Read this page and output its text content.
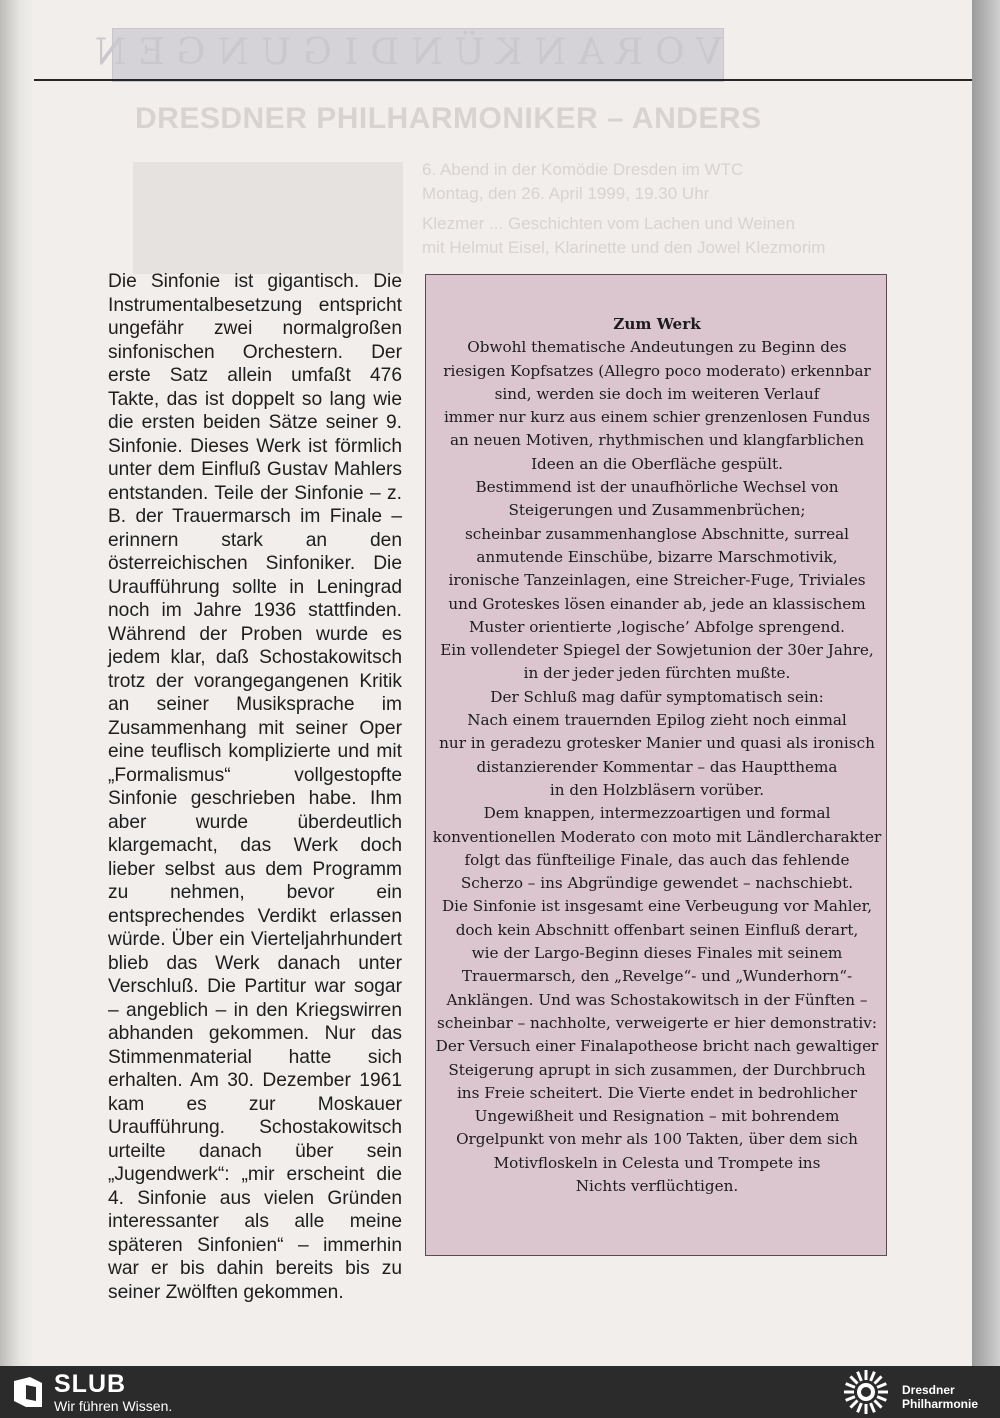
VORANKÜNDIGUNGEN
DRESDNER PHILHARMONIKER – ANDERS
6. Abend in der Komödie Dresden im WTC
Montag, den 26. April 1999, 19.30 Uhr
Klezmer ... Geschichten vom Lachen und Weinen
mit Helmut Eisel, Klarinette und den Jowel Klezmorim

Die Sinfonie ist gigantisch. Die Instrumentalbesetzung entspricht ungefähr zwei normalgroßen sinfonischen Orchestern. Der erste Satz allein umfaßt 476 Takte, das ist doppelt so lang wie die ersten beiden Sätze seiner 9. Sinfonie. Dieses Werk ist förmlich unter dem Einfluß Gustav Mahlers entstanden. Teile der Sinfonie – z. B. der Trauermarsch im Finale – erinnern stark an den österreichischen Sinfoniker. Die Uraufführung sollte in Leningrad noch im Jahre 1936 stattfinden. Während der Proben wurde es jedem klar, daß Schostakowitsch trotz der vorangegangenen Kritik an seiner Musiksprache im Zusammenhang mit seiner Oper eine teuflisch komplizierte und mit „Formalismus“ vollgestopfte Sinfonie geschrieben habe. Ihm aber wurde überdeutlich klargemacht, das Werk doch lieber selbst aus dem Programm zu nehmen, bevor ein entsprechendes Verdikt erlassen würde. Über ein Vierteljahrhundert blieb das Werk danach unter Verschluß. Die Partitur war sogar – angeblich – in den Kriegswirren abhanden gekommen. Nur das Stimmenmaterial hatte sich erhalten. Am 30. Dezember 1961 kam es zur Moskauer Uraufführung. Schostakowitsch urteilte danach über sein „Jugendwerk“: „mir erscheint die 4. Sinfonie aus vielen Gründen interessanter als alle meine späteren Sinfonien“ – immerhin war er bis dahin bereits bis zu seiner Zwölften gekommen.

Zum Werk

Obwohl thematische Andeutungen zu Beginn des

riesigen Kopfsatzes (Allegro poco moderato) erkennbar

sind, werden sie doch im weiteren Verlauf

immer nur kurz aus einem schier grenzenlosen Fundus

an neuen Motiven, rhythmischen und klangfarblichen

Ideen an die Oberfläche gespült.

Bestimmend ist der unaufhörliche Wechsel von

Steigerungen und Zusammenbrüchen;

scheinbar zusammenhanglose Abschnitte, surreal

anmutende Einschübe, bizarre Marschmotivik,

ironische Tanzeinlagen, eine Streicher-Fuge, Triviales

und Groteskes lösen einander ab, jede an klassischem

Muster orientierte ‚logische’ Abfolge sprengend.

Ein vollendeter Spiegel der Sowjetunion der 30er Jahre,

in der jeder jeden fürchten mußte.

Der Schluß mag dafür symptomatisch sein:

Nach einem trauernden Epilog zieht noch einmal

nur in geradezu grotesker Manier und quasi als ironisch

distanzierender Kommentar – das Hauptthema

in den Holzbläsern vorüber.

Dem knappen, intermezzoartigen und formal

konventionellen Moderato con moto mit Ländlercharakter

folgt das fünfteilige Finale, das auch das fehlende

Scherzo – ins Abgründige gewendet – nachschiebt.

Die Sinfonie ist insgesamt eine Verbeugung vor Mahler,

doch kein Abschnitt offenbart seinen Einfluß derart,

wie der Largo-Beginn dieses Finales mit seinem

Trauermarsch, den „Revelge“- und „Wunderhorn“-

Anklängen. Und was Schostakowitsch in der Fünften –

scheinbar – nachholte, verweigerte er hier demonstrativ:

Der Versuch einer Finalapotheose bricht nach gewaltiger

Steigerung aprupt in sich zusammen, der Durchbruch

ins Freie scheitert. Die Vierte endet in bedrohlicher

Ungewißheit und Resignation – mit bohrendem

Orgelpunkt von mehr als 100 Takten, über dem sich

Motivfloskeln in Celesta und Trompete ins

Nichts verflüchtigen.

SLUB
Wir führen Wissen.
Dresdner
Philharmonie
